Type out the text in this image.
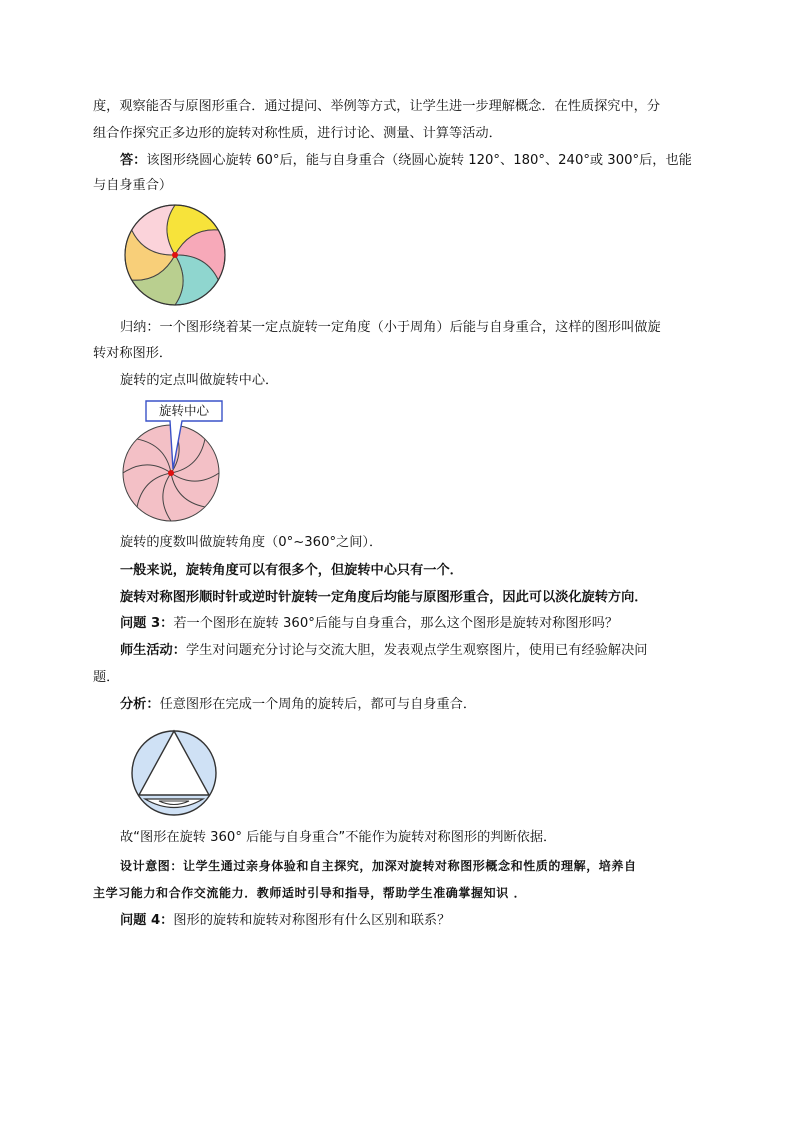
度，观察能否与原图形重合．通过提问、举例等方式，让学生进一步理解概念．在性质探究中，分
组合作探究正多边形的旋转对称性质，进行讨论、测量、计算等活动．
答：该图形绕圆心旋转 60°后，能与自身重合（绕圆心旋转 120°、180°、240°或 300°后，也能
与自身重合）
归纳：一个图形绕着某一定点旋转一定角度（小于周角）后能与自身重合，这样的图形叫做旋
转对称图形．
旋转的定点叫做旋转中心．
旋转中心
旋转的度数叫做旋转角度（0°~360°之间）．
一般来说，旋转角度可以有很多个，但旋转中心只有一个．
旋转对称图形顺时针或逆时针旋转一定角度后均能与原图形重合，因此可以淡化旋转方向．
问题 3：若一个图形在旋转 360°后能与自身重合，那么这个图形是旋转对称图形吗？
师生活动：学生对问题充分讨论与交流大胆，发表观点学生观察图片，使用已有经验解决问
题．
分析：任意图形在完成一个周角的旋转后，都可与自身重合．
故“图形在旋转 360° 后能与自身重合”不能作为旋转对称图形的判断依据．
设计意图：让学生通过亲身体验和自主探究，加深对旋转对称图形概念和性质的理解，培养自
主学习能力和合作交流能力．教师适时引导和指导，帮助学生准确掌握知识 ．
问题 4：图形的旋转和旋转对称图形有什么区别和联系？
